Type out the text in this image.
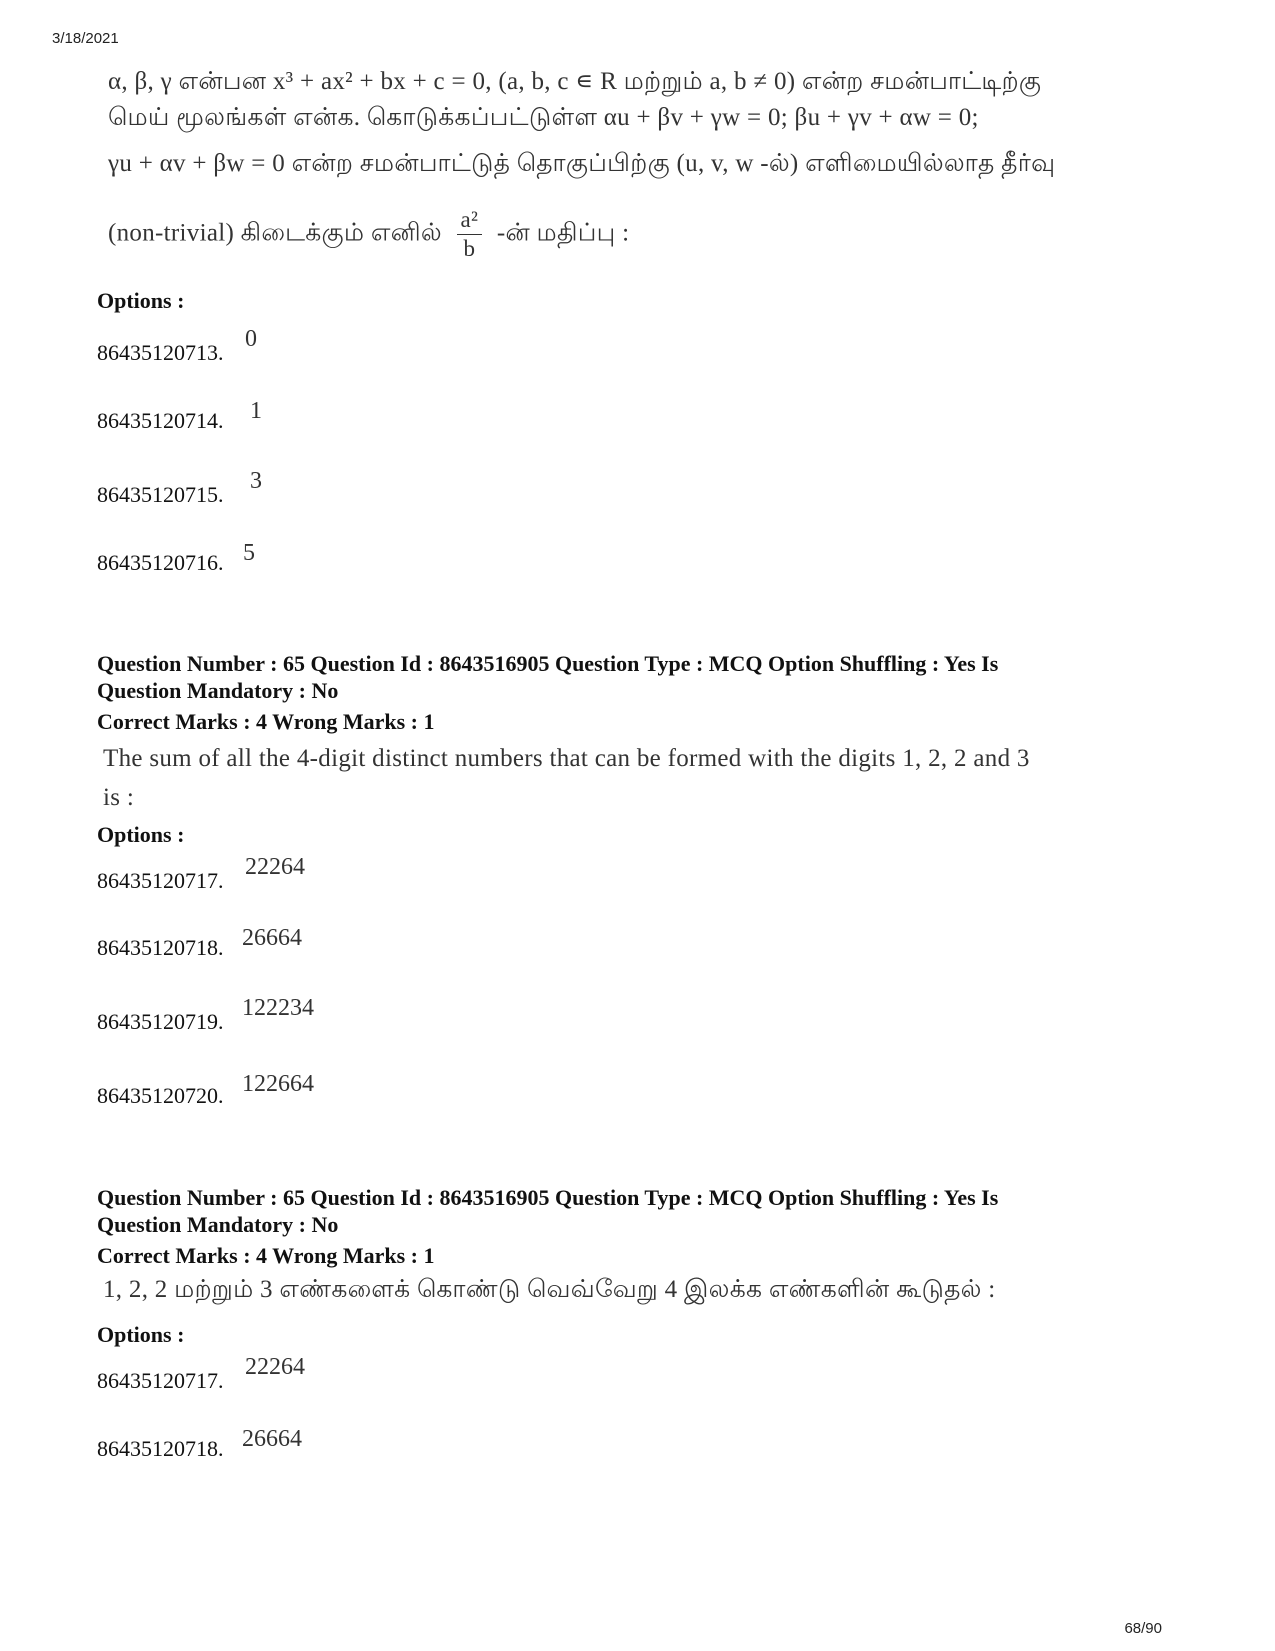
3/18/2021
68/90
α, β, γ என்பன x³ + ax² + bx + c = 0, (a, b, c ∊ R மற்றும் a, b ≠ 0) என்ற சமன்பாட்டிற்கு
மெய் மூலங்கள் என்க. கொடுக்கப்பட்டுள்ள αu + βv + γw = 0; βu + γv + αw = 0;
γu + αv + βw = 0 என்ற சமன்பாட்டுத் தொகுப்பிற்கு (u, v, w -ல்) எளிமையில்லாத தீர்வு
(non-trivial) கிடைக்கும் எனில் $\frac{\text{a²}}{b}$ -ன் மதிப்பு :
Options :
86435120713.
0
86435120714. 1
86435120715.
3
86435120716. 5
Question Number : 65 Question Id : 8643516905 Question Type : MCQ Option Shuffling : Yes Is
Question Mandatory : No
Correct Marks : 4 Wrong Marks : 1
The sum of all the 4-digit distinct numbers that can be formed with the digits 1, 2, 2 and 3
is :
Options :
86435120717.
22264
86435120718. 26664
86435120719.
122234
86435120720. 122664
Question Number : 65 Question Id : 8643516905 Question Type : MCQ Option Shuffling : Yes Is
Question Mandatory : No
Correct Marks : 4 Wrong Marks : 1
1, 2, 2 மற்றும் 3 எண்களைக் கொண்டு வெவ்வேறு 4 இலக்க எண்களின் கூடுதல் :
Options :
86435120717.
22264
86435120718. 26664
